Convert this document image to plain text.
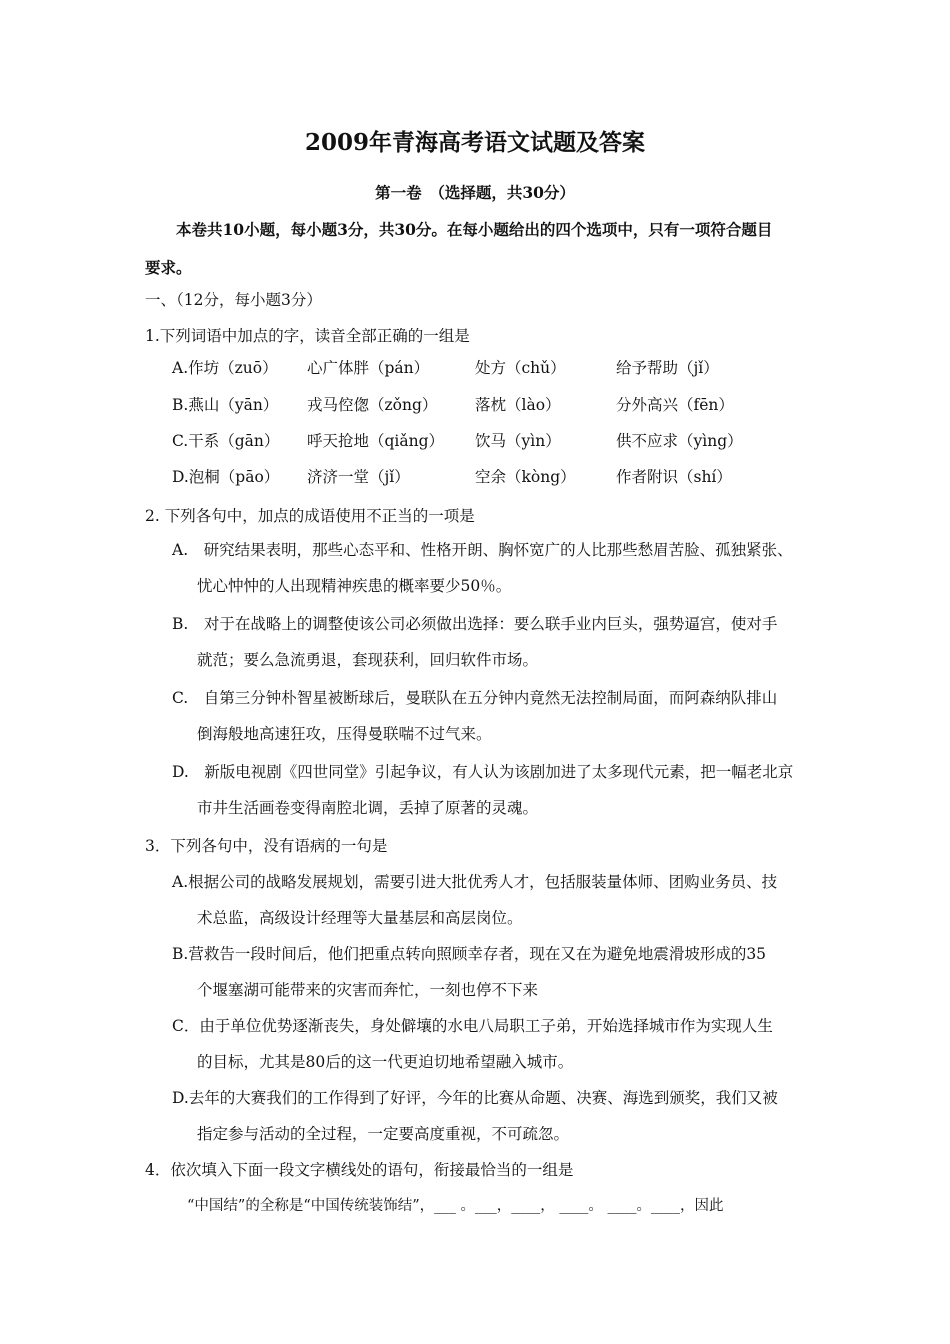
2009年青海高考语文试题及答案
第一卷　（选择题，共30分）
本卷共10小题，每小题3分，共30分。在每小题给出的四个选项中，只有一项符合题目
要求。
一、（12分，每小题3分）
1.下列词语中加点的字，读音全部正确的一组是
A.作坊（zuō） 心广体胖（pán）	处方（chǔ）	给予帮助（jǐ）
B.燕山（yān） 戎马倥偬（zǒng） 落枕（lào）	分外高兴（fēn）
C.干系（gān） 呼天抢地（qiǎng） 饮马（yìn）	供不应求（yìng）
D.泡桐（pāo） 济济一堂（jǐ）	空余（kòng）	作者附识（shí）
2. 下列各句中，加点的成语使用不正当的一项是
A.　研究结果表明，那些心态平和、性格开朗、胸怀宽广的人比那些愁眉苦脸、孤独紧张、
忧心忡忡的人出现精神疾患的概率要少50％。
B.　对于在战略上的调整使该公司必须做出选择：要么联手业内巨头，强势逼宫，使对手
就范；要么急流勇退，套现获利，回归软件市场。
C.　自第三分钟朴智星被断球后，曼联队在五分钟内竟然无法控制局面，而阿森纳队排山
倒海般地高速狂攻，压得曼联喘不过气来。
D.　新版电视剧《四世同堂》引起争议，有人认为该剧加进了太多现代元素，把一幅老北京
市井生活画卷变得南腔北调，丢掉了原著的灵魂。
3．下列各句中，没有语病的一句是
A.根据公司的战略发展规划，需要引进大批优秀人才，包括服装量体师、团购业务员、技
术总监，高级设计经理等大量基层和高层岗位。
B.营救告一段时间后，他们把重点转向照顾幸存者，现在又在为避免地震滑坡形成的35
个堰塞湖可能带来的灾害而奔忙，一刻也停不下来
C．由于单位优势逐渐丧失，身处僻壤的水电八局职工子弟，开始选择城市作为实现人生
的目标，尤其是80后的这一代更迫切地希望融入城市。
D.去年的大赛我们的工作得到了好评，今年的比赛从命题、决赛、海选到颁奖，我们又被
指定参与活动的全过程，一定要高度重视，不可疏忽。
4．依次填入下面一段文字横线处的语句，衔接最恰当的一组是
“中国结”的全称是“中国传统装饰结”，___ 。___，____， ____。 ____。____，因此
